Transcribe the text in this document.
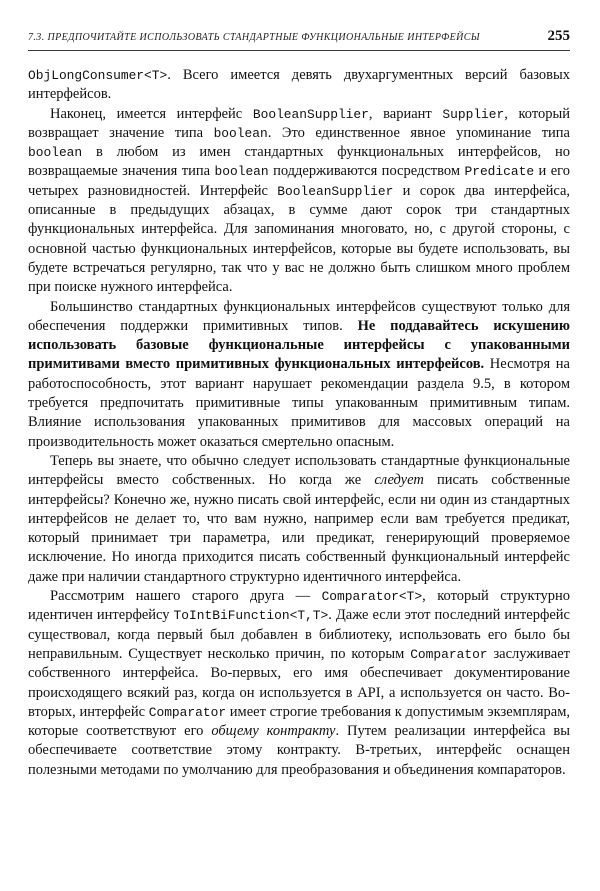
7.3. ПРЕДПОЧИТАЙТЕ ИСПОЛЬЗОВАТЬ СТАНДАРТНЫЕ ФУНКЦИОНАЛЬНЫЕ ИНТЕРФЕЙСЫ	255

ObjLongConsumer<T>. Всего имеется девять двухаргументных версий базовых интерфейсов.

Наконец, имеется интерфейс BooleanSupplier, вариант Supplier, который возвращает значение типа boolean. Это единственное явное упоминание типа boolean в любом из имен стандартных функциональных интерфейсов, но возвращаемые значения типа boolean поддерживаются посредством Predicate и его четырех разновидностей. Интерфейс BooleanSupplier и сорок два интерфейса, описанные в предыдущих абзацах, в сумме дают сорок три стандартных функциональных интерфейса. Для запоминания многовато, но, с другой стороны, с основной частью функциональных интерфейсов, которые вы будете использовать, вы будете встречаться регулярно, так что у вас не должно быть слишком много проблем при поиске нужного интерфейса.

Большинство стандартных функциональных интерфейсов существуют только для обеспечения поддержки примитивных типов. Не поддавайтесь искушению использовать базовые функциональные интерфейсы с упакованными примитивами вместо примитивных функциональных интерфейсов. Несмотря на работоспособность, этот вариант нарушает рекомендации раздела 9.5, в котором требуется предпочитать примитивные типы упакованным примитивным типам. Влияние использования упакованных примитивов для массовых операций на производительность может оказаться смертельно опасным.

Теперь вы знаете, что обычно следует использовать стандартные функциональные интерфейсы вместо собственных. Но когда же следует писать собственные интерфейсы? Конечно же, нужно писать свой интерфейс, если ни один из стандартных интерфейсов не делает то, что вам нужно, например если вам требуется предикат, который принимает три параметра, или предикат, генерирующий проверяемое исключение. Но иногда приходится писать собственный функциональный интерфейс даже при наличии стандартного структурно идентичного интерфейса.

Рассмотрим нашего старого друга — Comparator<T>, который структурно идентичен интерфейсу ToIntBiFunction<T,T>. Даже если этот последний интерфейс существовал, когда первый был добавлен в библиотеку, использовать его было бы неправильным. Существует несколько причин, по которым Comparator заслуживает собственного интерфейса. Во-первых, его имя обеспечивает документирование происходящего всякий раз, когда он используется в API, а используется он часто. Во-вторых, интерфейс Comparator имеет строгие требования к допустимым экземплярам, которые соответствуют его общему контракту. Путем реализации интерфейса вы обеспечиваете соответствие этому контракту. В-третьих, интерфейс оснащен полезными методами по умолчанию для преобразования и объединения компараторов.
